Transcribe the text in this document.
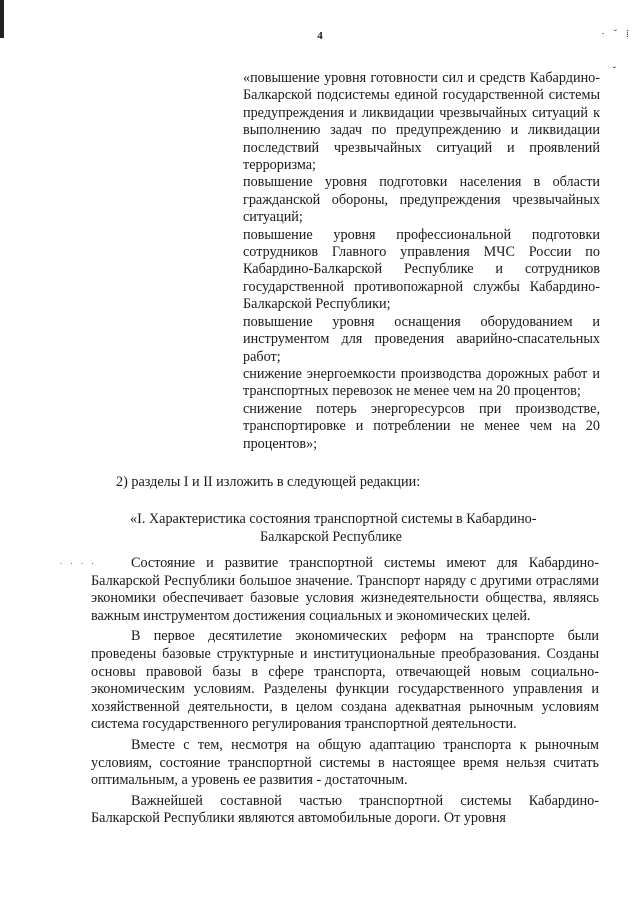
4	· ˇ ⁞
ˇ
. . . .

«повышение уровня готовности сил и средств Кабардино-Балкарской подсистемы единой государственной системы предупреждения и ликвидации чрезвычайных ситуаций к выполнению задач по предупреждению и ликвидации последствий чрезвычайных ситуаций и проявлений терроризма;

повышение уровня подготовки населения в области гражданской обороны, предупреждения чрезвычайных ситуаций;

повышение уровня профессиональной подготовки сотрудников Главного управления МЧС России по Кабардино-Балкарской Республике и сотрудников государственной противопожарной службы Кабардино-Балкарской Республики;

повышение уровня оснащения оборудованием и инструментом для проведения аварийно-спасательных работ;

снижение энергоемкости производства дорожных работ и транспортных перевозок не менее чем на 20 процентов;

снижение потерь энергоресурсов при производстве, транспортировке и потреблении не менее чем на 20 процентов»;

2) разделы I и II изложить в следующей редакции:

«I. Характеристика состояния транспортной системы в Кабардино-
Балкарской Республике

Состояние и развитие транспортной системы имеют для Кабардино-Балкарской Республики большое значение. Транспорт наряду с другими отраслями экономики обеспечивает базовые условия жизнедеятельности общества, являясь важным инструментом достижения социальных и экономических целей.

В первое десятилетие экономических реформ на транспорте были проведены базовые структурные и институциональные преобразования. Созданы основы правовой базы в сфере транспорта, отвечающей новым социально-экономическим условиям. Разделены функции государственного управления и хозяйственной деятельности, в целом создана адекватная рыночным условиям система государственного регулирования транспортной деятельности.

Вместе с тем, несмотря на общую адаптацию транспорта к рыночным условиям, состояние транспортной системы в настоящее время нельзя считать оптимальным, а уровень ее развития - достаточным.

Важнейшей составной частью транспортной системы Кабардино-Балкарской Республики являются автомобильные дороги. От уровня
